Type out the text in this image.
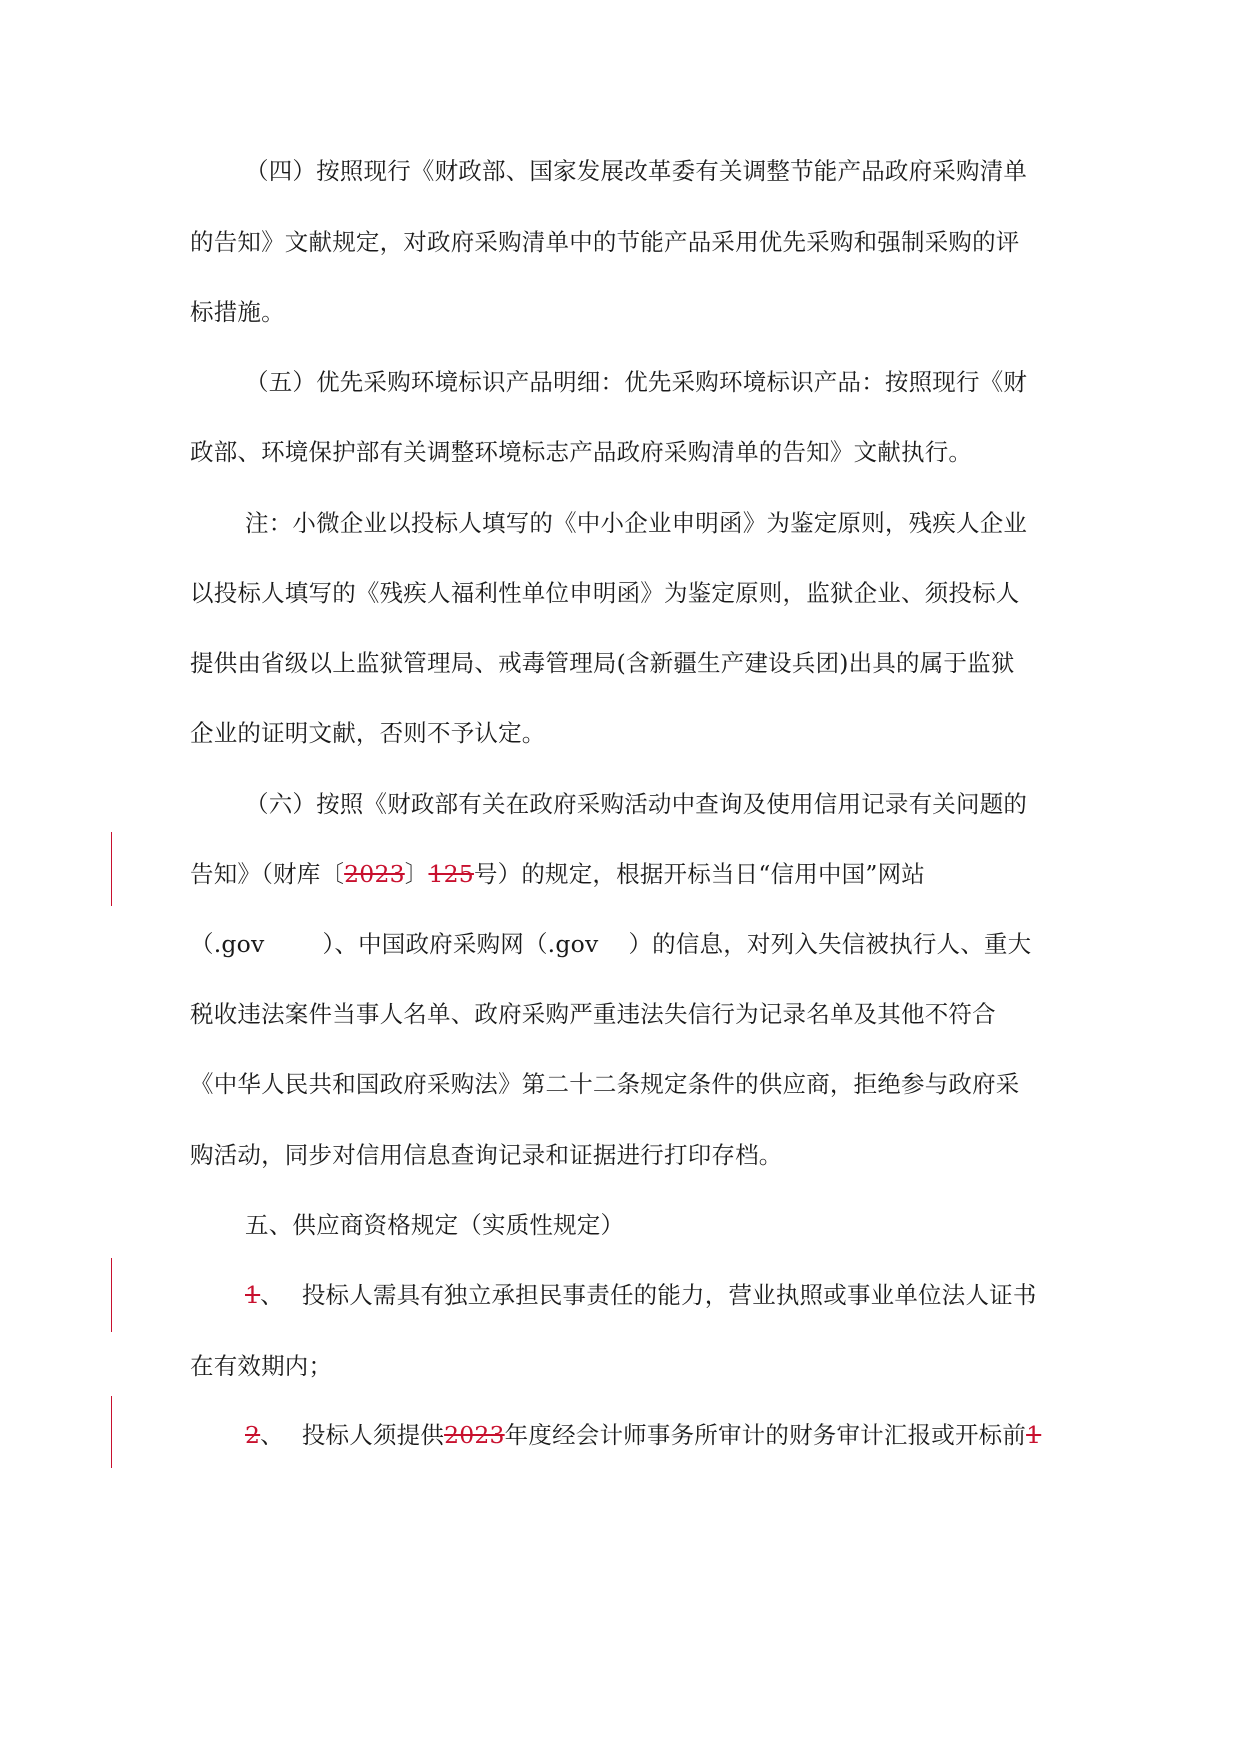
（四）按照现行《财政部、国家发展改革委有关调整节能产品政府采购清单
的告知》文献规定，对政府采购清单中的节能产品采用优先采购和强制采购的评
标措施。
（五）优先采购环境标识产品明细：优先采购环境标识产品：按照现行《财
政部、环境保护部有关调整环境标志产品政府采购清单的告知》文献执行。
注：小微企业以投标人填写的《中小企业申明函》为鉴定原则，残疾人企业
以投标人填写的《残疾人福利性单位申明函》为鉴定原则，监狱企业、须投标人
提供由省级以上监狱管理局、戒毒管理局(含新疆生产建设兵团)出具的属于监狱
企业的证明文献，否则不予认定。
（六）按照《财政部有关在政府采购活动中查询及使用信用记录有关问题的
告知》（财库〔2023〕125号）的规定，根据开标当日“信用中国”网站
（.gov ）、中国政府采购网（.gov ）的信息，对列入失信被执行人、重大
税收违法案件当事人名单、政府采购严重违法失信行为记录名单及其他不符合
《中华人民共和国政府采购法》第二十二条规定条件的供应商，拒绝参与政府采
购活动，同步对信用信息查询记录和证据进行打印存档。
五、供应商资格规定（实质性规定）
1、 投标人需具有独立承担民事责任的能力，营业执照或事业单位法人证书
在有效期内；
2、 投标人须提供2023年度经会计师事务所审计的财务审计汇报或开标前1
